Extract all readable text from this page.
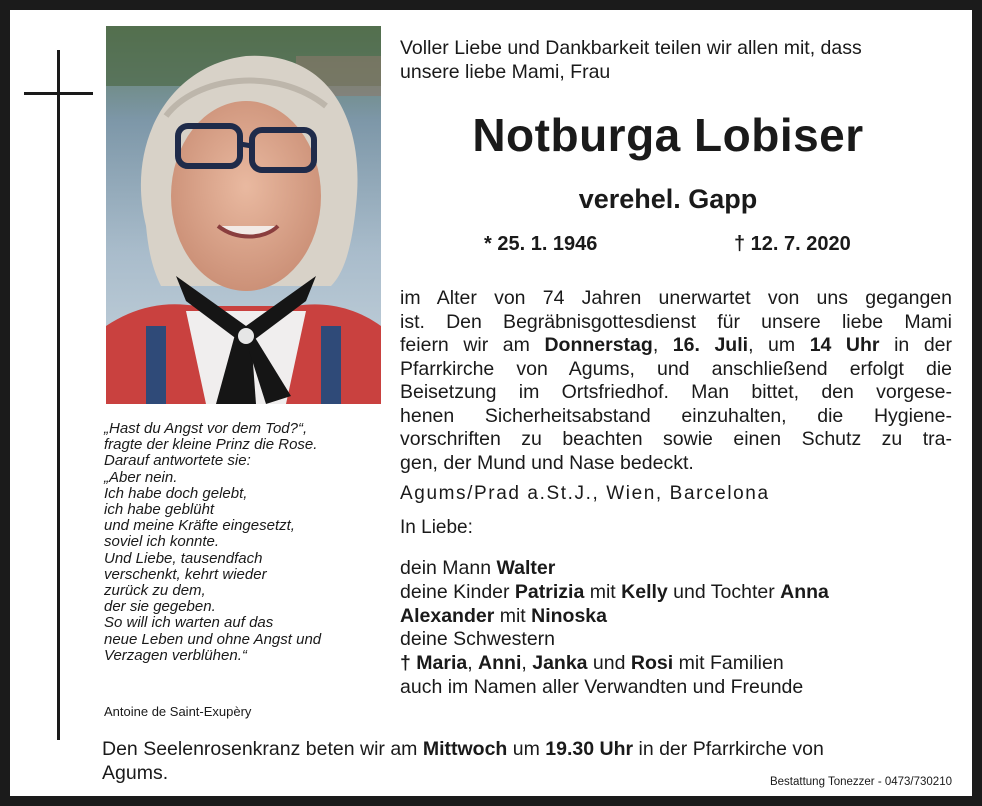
„Hast du Angst vor dem Tod?“,
fragte der kleine Prinz die Rose.
Darauf antwortete sie:
„Aber nein.
Ich habe doch gelebt,
ich habe geblüht
und meine Kräfte eingesetzt,
soviel ich konnte.
Und Liebe, tausendfach
verschenkt, kehrt wieder
zurück zu dem,
der sie gegeben.
So will ich warten auf das
neue Leben und ohne Angst und
Verzagen verblühen.“
Antoine de Saint-Exupèry
Voller Liebe und Dankbarkeit teilen wir allen mit, dass
unsere liebe Mami, Frau
Notburga Lobiser
verehel. Gapp
* 25. 1. 1946	† 12. 7. 2020
im Alter von 74 Jahren unerwartet von uns gegangen
ist. Den Begräbnisgottesdienst für unsere liebe Mami
feiern wir am Donnerstag, 16. Juli, um 14 Uhr in der
Pfarrkirche von Agums, und anschließend erfolgt die
Beisetzung im Ortsfriedhof. Man bittet, den vorgese-
henen Sicherheitsabstand einzuhalten, die Hygiene-
vorschriften zu beachten sowie einen Schutz zu tra-
gen, der Mund und Nase bedeckt.
Agums/Prad a.St.J., Wien, Barcelona
In Liebe:
dein Mann Walter
deine Kinder Patrizia mit Kelly und Tochter Anna
Alexander mit Ninoska
deine Schwestern
† Maria, Anni, Janka und Rosi mit Familien
auch im Namen aller Verwandten und Freunde
Den Seelenrosenkranz beten wir am Mittwoch um 19.30 Uhr in der Pfarrkirche von
Agums.	Bestattung Tonezzer - 0473/730210
